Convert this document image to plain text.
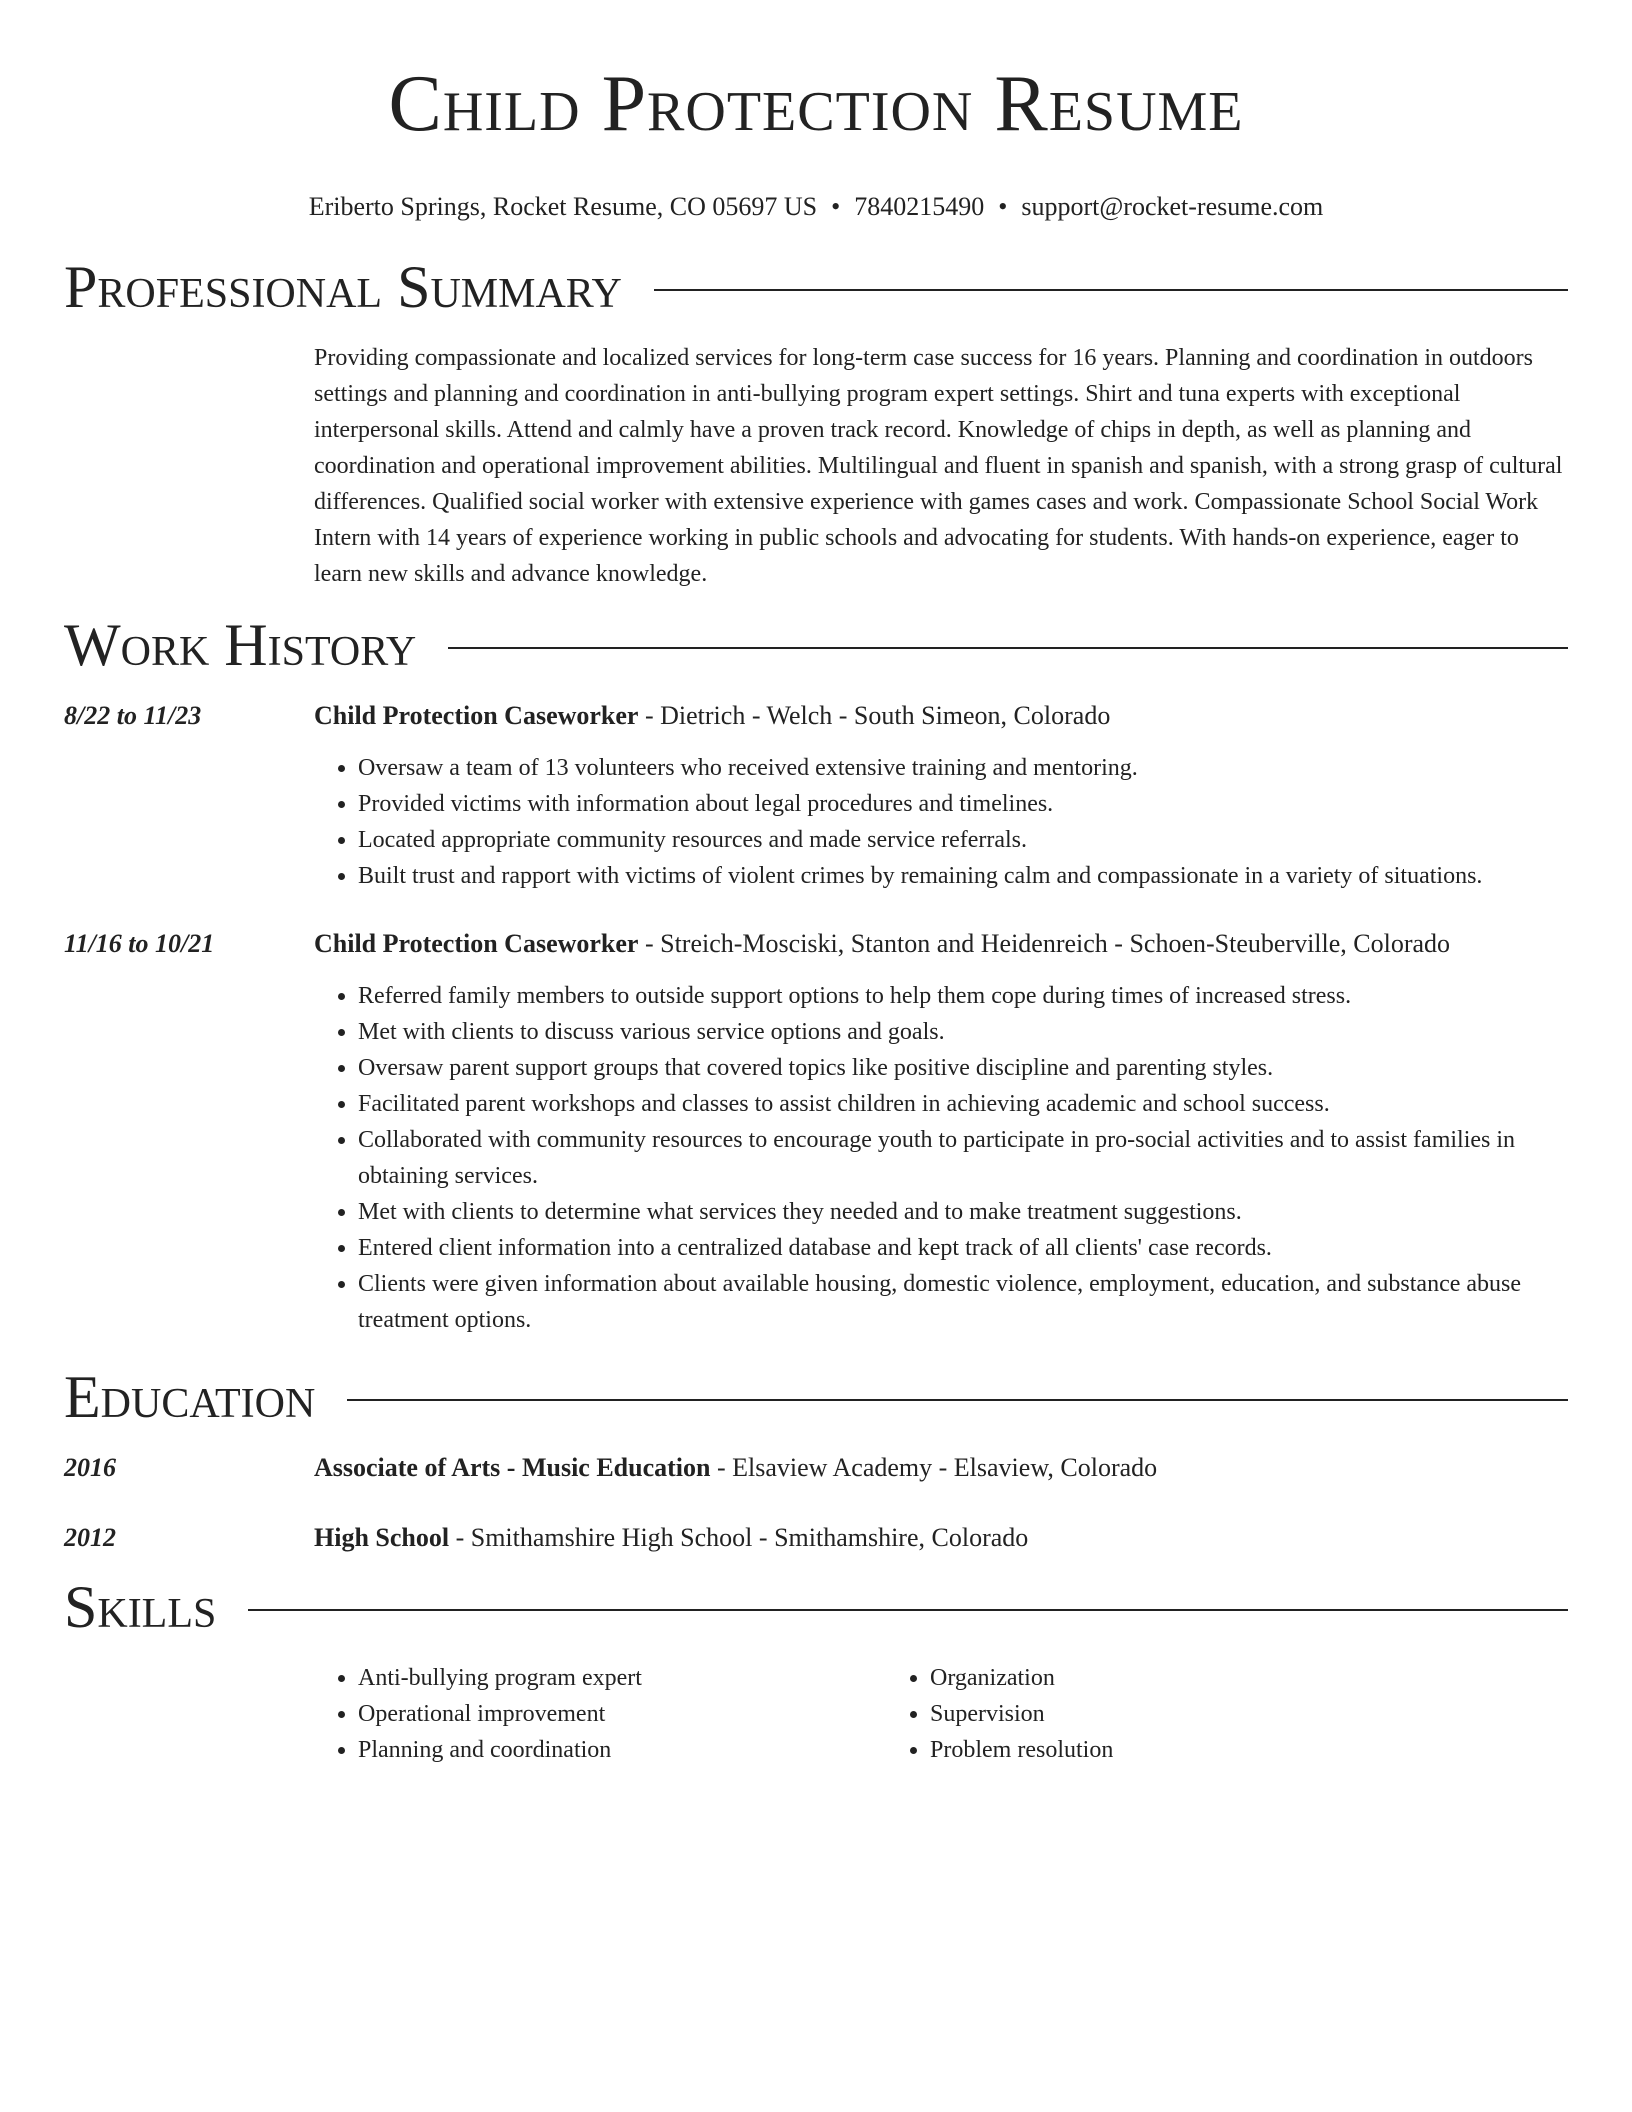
Child Protection Resume
Eriberto Springs, Rocket Resume, CO 05697 US • 7840215490 • support@rocket-resume.com
Professional Summary
Providing compassionate and localized services for long-term case success for 16 years. Planning and coordination in outdoors settings and planning and coordination in anti-bullying program expert settings. Shirt and tuna experts with exceptional interpersonal skills. Attend and calmly have a proven track record. Knowledge of chips in depth, as well as planning and coordination and operational improvement abilities. Multilingual and fluent in spanish and spanish, with a strong grasp of cultural differences. Qualified social worker with extensive experience with games cases and work. Compassionate School Social Work Intern with 14 years of experience working in public schools and advocating for students. With hands-on experience, eager to learn new skills and advance knowledge.
Work History
8/22 to 11/23	Child Protection Caseworker - Dietrich - Welch - South Simeon, Colorado
• Oversaw a team of 13 volunteers who received extensive training and mentoring.
• Provided victims with information about legal procedures and timelines.
• Located appropriate community resources and made service referrals.
• Built trust and rapport with victims of violent crimes by remaining calm and compassionate in a variety of situations.
11/16 to 10/21	Child Protection Caseworker - Streich-Mosciski, Stanton and Heidenreich - Schoen-Steuberville, Colorado
• Referred family members to outside support options to help them cope during times of increased stress.
• Met with clients to discuss various service options and goals.
• Oversaw parent support groups that covered topics like positive discipline and parenting styles.
• Facilitated parent workshops and classes to assist children in achieving academic and school success.
• Collaborated with community resources to encourage youth to participate in pro-social activities and to assist families in obtaining services.
• Met with clients to determine what services they needed and to make treatment suggestions.
• Entered client information into a centralized database and kept track of all clients' case records.
• Clients were given information about available housing, domestic violence, employment, education, and substance abuse treatment options.
Education
2016	Associate of Arts - Music Education - Elsaview Academy - Elsaview, Colorado
2012	High School - Smithamshire High School - Smithamshire, Colorado
Skills
• Anti-bullying program expert
• Operational improvement
• Planning and coordination
• Organization
• Supervision
• Problem resolution
